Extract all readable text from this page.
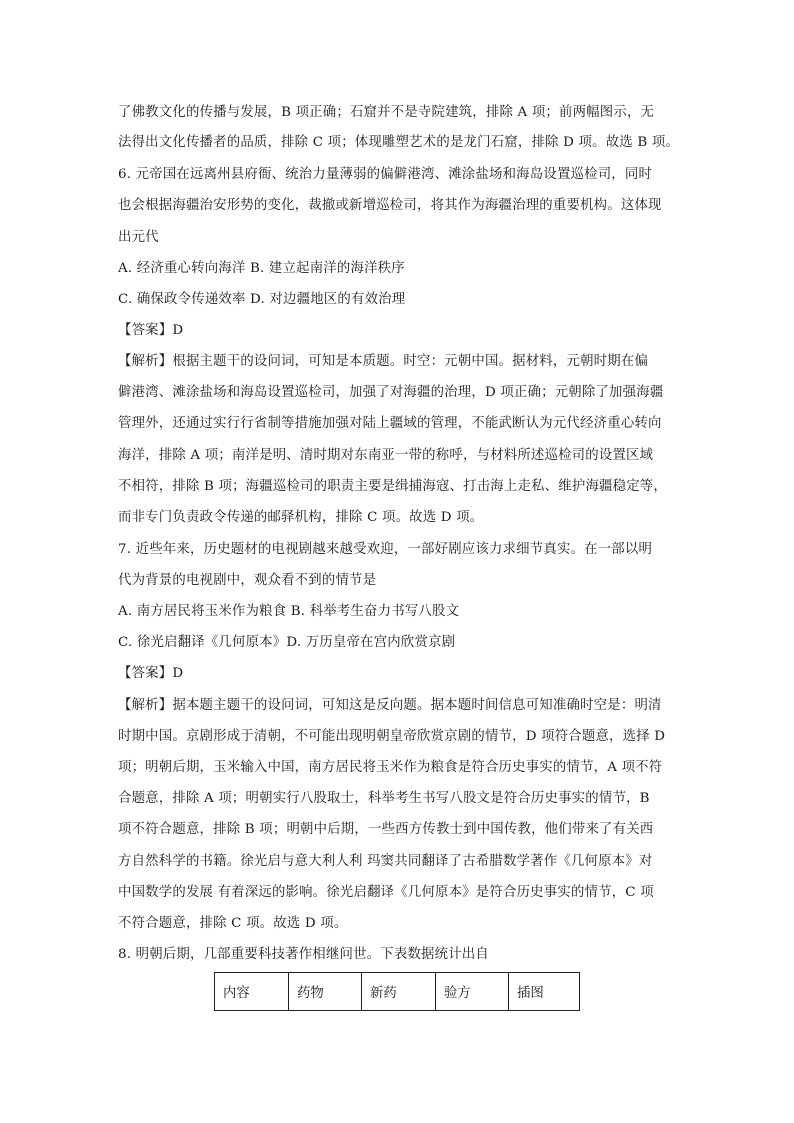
了佛教文化的传播与发展，B 项正确；石窟并不是寺院建筑，排除 A 项；前两幅图示，无
法得出文化传播者的品质，排除 C 项；体现雕塑艺术的是龙门石窟，排除 D 项。故选 B 项。
6. 元帝国在远离州县府衙、统治力量薄弱的偏僻港湾、滩涂盐场和海岛设置巡检司，同时
也会根据海疆治安形势的变化，裁撤或新增巡检司，将其作为海疆治理的重要机构。这体现
出元代
A. 经济重心转向海洋 B. 建立起南洋的海洋秩序
C. 确保政令传递效率 D. 对边疆地区的有效治理
【答案】D
【解析】根据主题干的设问词，可知是本质题。时空：元朝中国。据材料，元朝时期在偏
僻港湾、滩涂盐场和海岛设置巡检司，加强了对海疆的治理，D 项正确；元朝除了加强海疆
管理外，还通过实行行省制等措施加强对陆上疆域的管理，不能武断认为元代经济重心转向
海洋，排除 A 项；南洋是明、清时期对东南亚一带的称呼，与材料所述巡检司的设置区域
不相符，排除 B 项；海疆巡检司的职责主要是缉捕海寇、打击海上走私、维护海疆稳定等，
而非专门负责政令传递的邮驿机构，排除 C 项。故选 D 项。
7. 近些年来，历史题材的电视剧越来越受欢迎，一部好剧应该力求细节真实。在一部以明
代为背景的电视剧中，观众看不到的情节是
A. 南方居民将玉米作为粮食 B. 科举考生奋力书写八股文
C. 徐光启翻译《几何原本》D. 万历皇帝在宫内欣赏京剧
【答案】D
【解析】据本题主题干的设问词，可知这是反向题。据本题时间信息可知准确时空是：明清
时期中国。京剧形成于清朝，不可能出现明朝皇帝欣赏京剧的情节，D 项符合题意，选择 D
项；明朝后期，玉米输入中国，南方居民将玉米作为粮食是符合历史事实的情节，A 项不符
合题意，排除 A 项；明朝实行八股取士，科举考生书写八股文是符合历史事实的情节，B
项不符合题意，排除 B 项；明朝中后期，一些西方传教士到中国传教，他们带来了有关西
方自然科学的书籍。徐光启与意大利人利 玛窦共同翻译了古希腊数学著作《几何原本》对
中国数学的发展 有着深远的影响。徐光启翻译《几何原本》是符合历史事实的情节，C 项
不符合题意，排除 C 项。故选 D 项。
8. 明朝后期，几部重要科技著作相继问世。下表数据统计出自
内容	药物	新药	验方	插图
